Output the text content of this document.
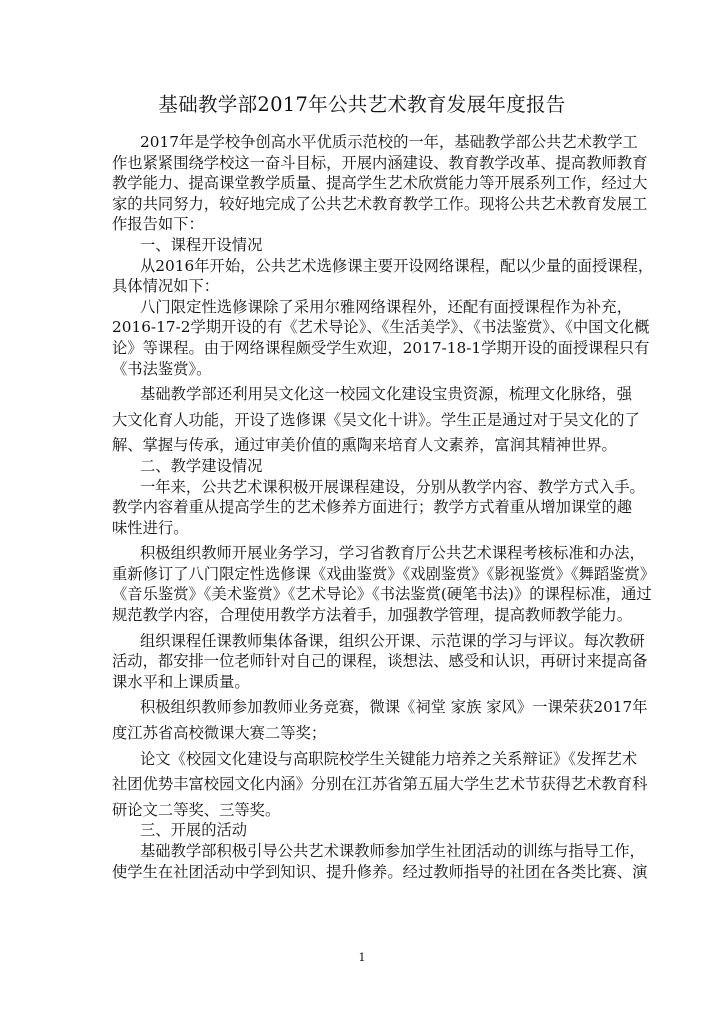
基础教学部2017年公共艺术教育发展年度报告
2017年是学校争创高水平优质示范校的一年，基础教学部公共艺术教学工
作也紧紧围绕学校这一奋斗目标，开展内涵建设、教育教学改革、提高教师教育
教学能力、提高课堂教学质量、提高学生艺术欣赏能力等开展系列工作，经过大
家的共同努力，较好地完成了公共艺术教育教学工作。现将公共艺术教育发展工
作报告如下：
一、课程开设情况
从2016年开始，公共艺术选修课主要开设网络课程，配以少量的面授课程，
具体情况如下：
八门限定性选修课除了采用尔雅网络课程外，还配有面授课程作为补充，
2016-17-2学期开设的有《艺术导论》、《生活美学》、《书法鉴赏》、《中国文化概
论》等课程。由于网络课程颇受学生欢迎，2017-18-1学期开设的面授课程只有
《书法鉴赏》。
基础教学部还利用吴文化这一校园文化建设宝贵资源，梳理文化脉络，强
大文化育人功能，开设了选修课《吴文化十讲》。学生正是通过对于吴文化的了
解、掌握与传承，通过审美价值的熏陶来培育人文素养，富润其精神世界。
二、教学建设情况
一年来，公共艺术课积极开展课程建设，分别从教学内容、教学方式入手。
教学内容着重从提高学生的艺术修养方面进行；教学方式着重从增加课堂的趣
味性进行。
积极组织教师开展业务学习，学习省教育厅公共艺术课程考核标准和办法，
重新修订了八门限定性选修课《戏曲鉴赏》《戏剧鉴赏》《影视鉴赏》《舞蹈鉴赏》
《音乐鉴赏》《美术鉴赏》《艺术导论》《书法鉴赏(硬笔书法)》的课程标准，通过
规范教学内容，合理使用教学方法着手，加强教学管理，提高教师教学能力。
组织课程任课教师集体备课，组织公开课、示范课的学习与评议。每次教研
活动，都安排一位老师针对自己的课程，谈想法、感受和认识，再研讨来提高备
课水平和上课质量。
积极组织教师参加教师业务竞赛，微课《祠堂 家族 家风》一课荣获2017年
度江苏省高校微课大赛二等奖；
论文《校园文化建设与高职院校学生关键能力培养之关系辩证》《发挥艺术
社团优势丰富校园文化内涵》分别在江苏省第五届大学生艺术节获得艺术教育科
研论文二等奖、三等奖。
三、开展的活动
基础教学部积极引导公共艺术课教师参加学生社团活动的训练与指导工作，
使学生在社团活动中学到知识、提升修养。经过教师指导的社团在各类比赛、演
1
